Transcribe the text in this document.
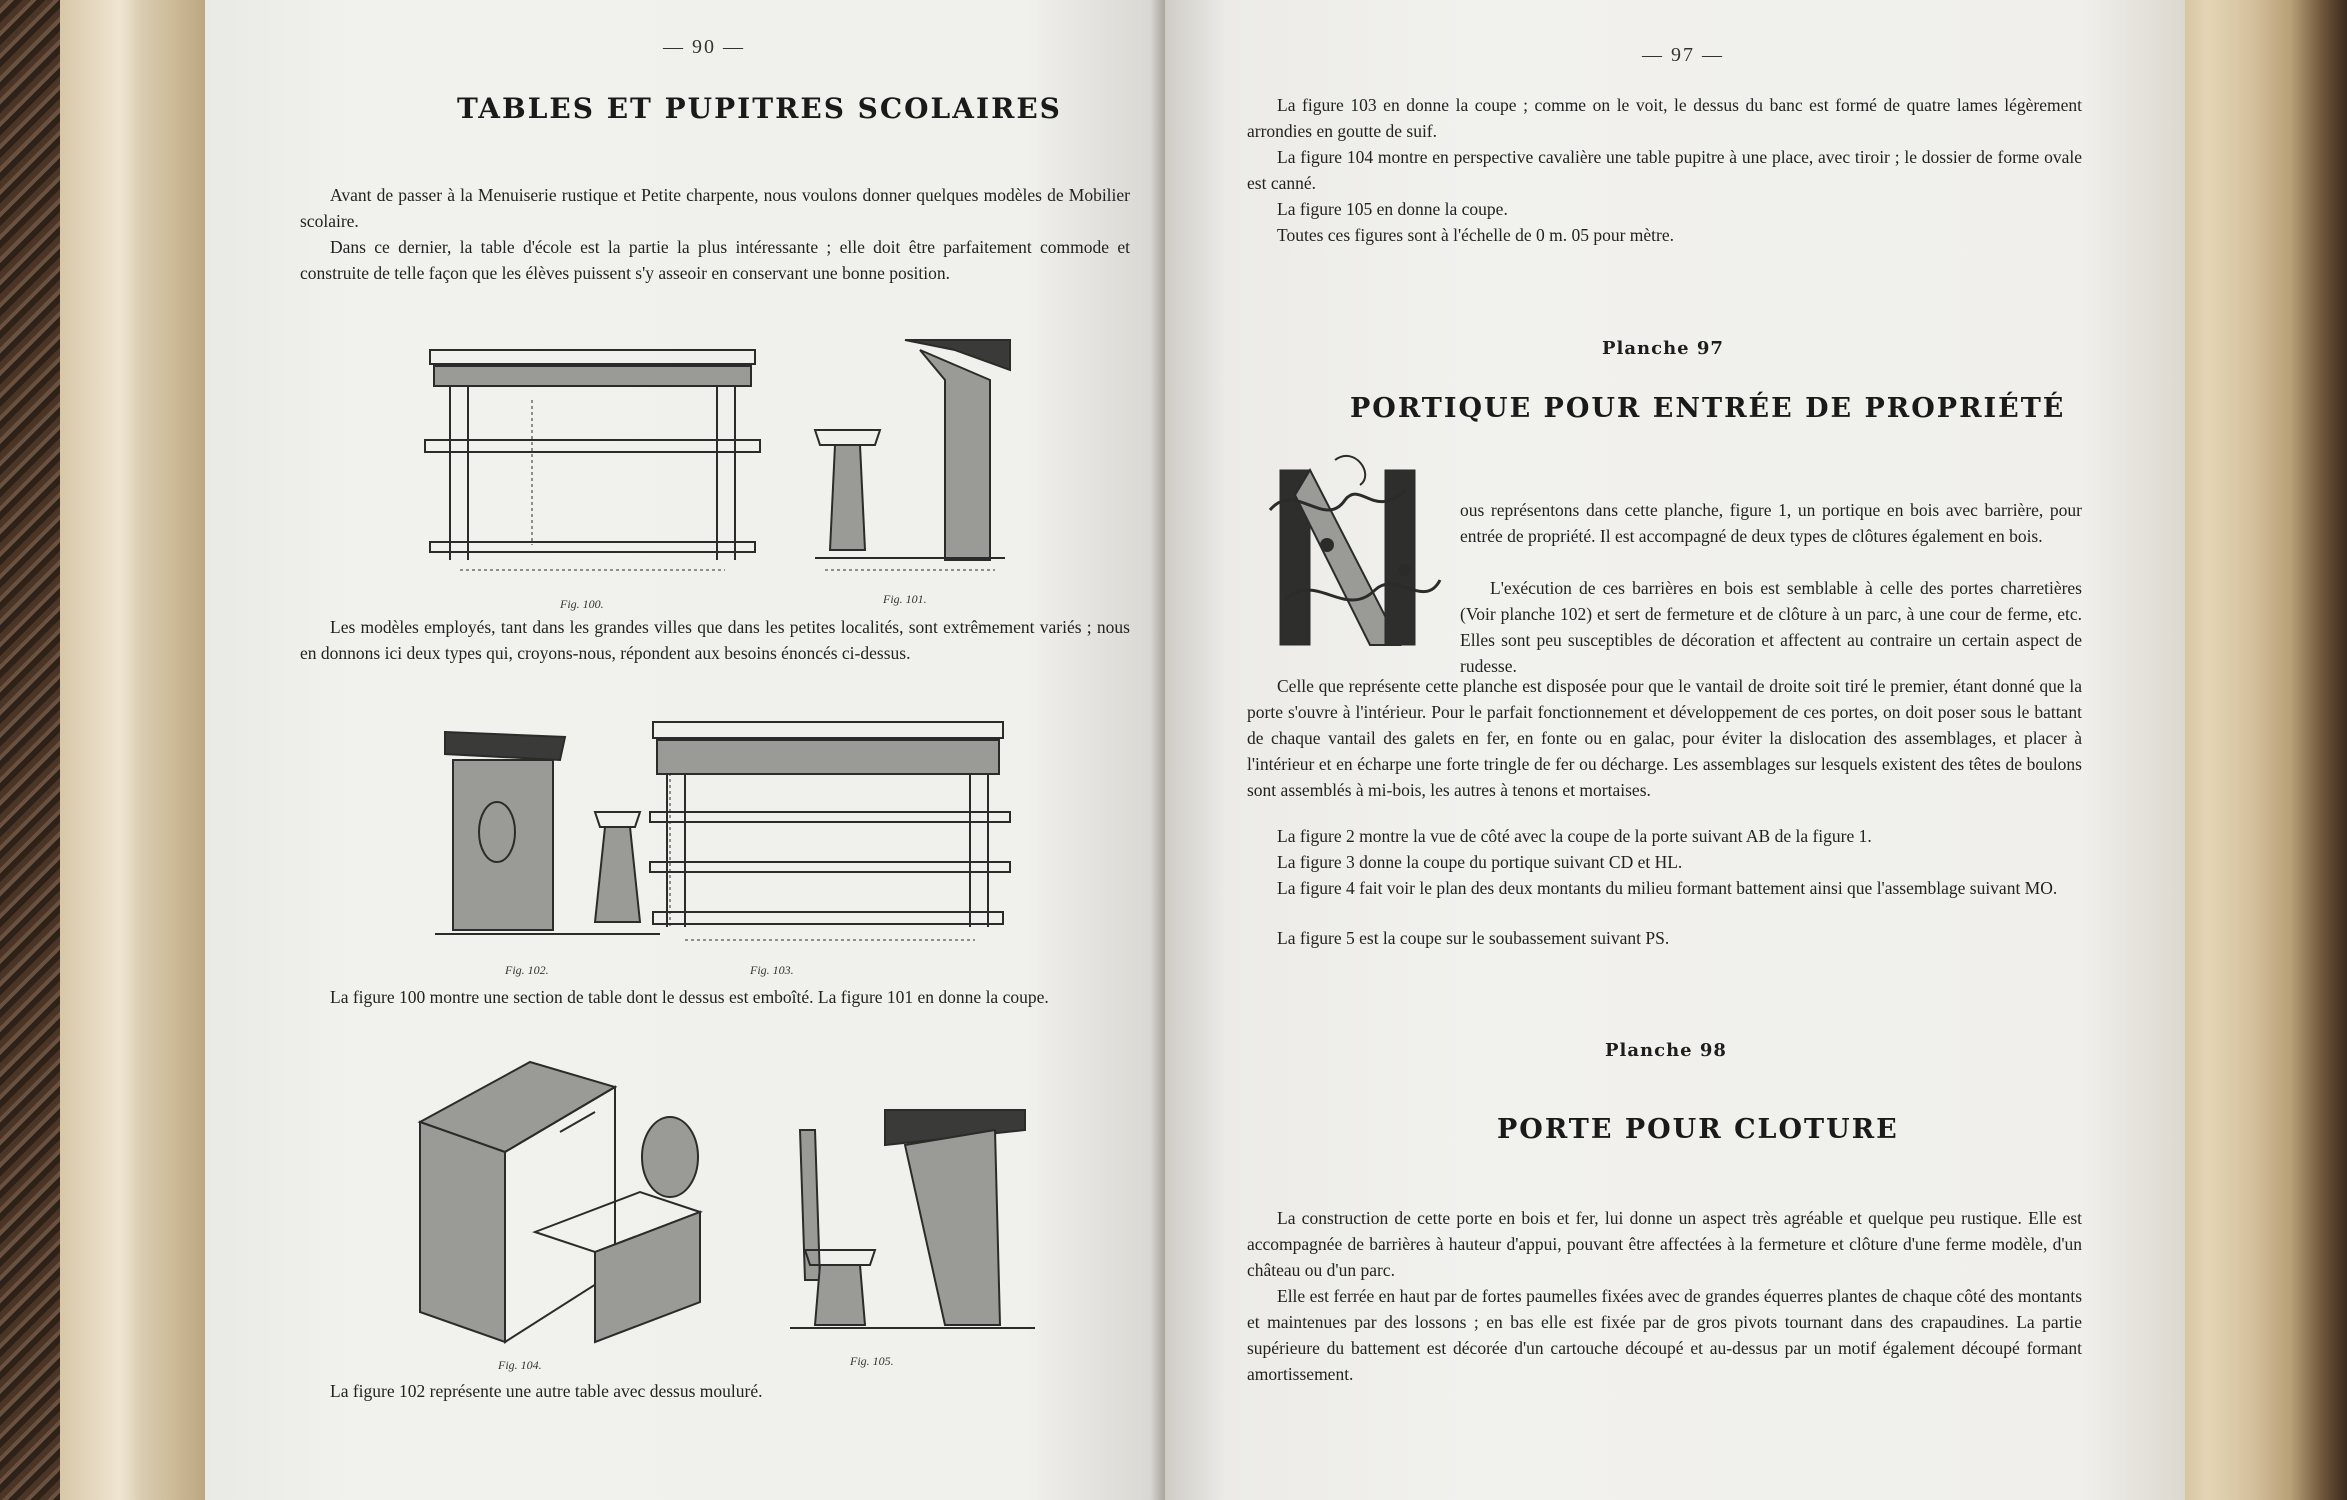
— 90 —
TABLES ET PUPITRES SCOLAIRES

Avant de passer à la Menuiserie rustique et Petite charpente, nous voulons donner quelques modèles de Mobilier scolaire.

Dans ce dernier, la table d'école est la partie la plus intéressante ; elle doit être parfaitement commode et construite de telle façon que les élèves puissent s'y asseoir en conservant une bonne position.

Fig. 100.	Fig. 101.

Les modèles employés, tant dans les grandes villes que dans les petites localités, sont extrêmement variés ; nous en donnons ici deux types qui, croyons-nous, répondent aux besoins énoncés ci-dessus.

Fig. 102.	Fig. 103.

La figure 100 montre une section de table dont le dessus est emboîté. La figure 101 en donne la coupe.

Fig. 104.	Fig. 105.

La figure 102 représente une autre table avec dessus mouluré.

— 97 —

La figure 103 en donne la coupe ; comme on le voit, le dessus du banc est formé de quatre lames légèrement arrondies en goutte de suif.

La figure 104 montre en perspective cavalière une table pupitre à une place, avec tiroir ; le dossier de forme ovale est canné.

La figure 105 en donne la coupe.

Toutes ces figures sont à l'échelle de 0 m. 05 pour mètre.

Planche 97
PORTIQUE POUR ENTRÉE DE PROPRIÉTÉ

ous représentons dans cette planche, figure 1, un portique en bois avec barrière, pour entrée de propriété. Il est accompagné de deux types de clôtures également en bois.

L'exécution de ces barrières en bois est semblable à celle des portes charretières (Voir planche 102) et sert de fermeture et de clôture à un parc, à une cour de ferme, etc. Elles sont peu susceptibles de décoration et affectent au contraire un certain aspect de rudesse.

Celle que représente cette planche est disposée pour que le vantail de droite soit tiré le premier, étant donné que la porte s'ouvre à l'intérieur. Pour le parfait fonctionnement et développement de ces portes, on doit poser sous le battant de chaque vantail des galets en fer, en fonte ou en galac, pour éviter la dislocation des assemblages, et placer à l'intérieur et en écharpe une forte tringle de fer ou décharge. Les assemblages sur lesquels existent des têtes de boulons sont assemblés à mi-bois, les autres à tenons et mortaises.

La figure 2 montre la vue de côté avec la coupe de la porte suivant AB de la figure 1.

La figure 3 donne la coupe du portique suivant CD et HL.

La figure 4 fait voir le plan des deux montants du milieu formant battement ainsi que l'assemblage suivant MO.

La figure 5 est la coupe sur le soubassement suivant PS.

Planche 98
PORTE POUR CLOTURE

La construction de cette porte en bois et fer, lui donne un aspect très agréable et quelque peu rustique. Elle est accompagnée de barrières à hauteur d'appui, pouvant être affectées à la fermeture et clôture d'une ferme modèle, d'un château ou d'un parc.

Elle est ferrée en haut par de fortes paumelles fixées avec de grandes équerres plantes de chaque côté des montants et maintenues par des lossons ; en bas elle est fixée par de gros pivots tournant dans des crapaudines. La partie supérieure du battement est décorée d'un cartouche découpé et au-dessus par un motif également découpé formant amortissement.
